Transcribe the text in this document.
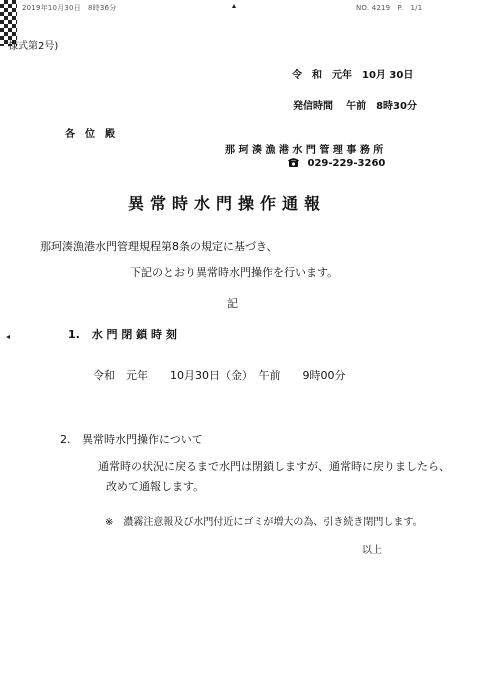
2019年10月30日　8時36分	NO. 4219　P.　1/1
様式第2号)
令　和　元年　10月 30日
発信時間 午前　8時30分
各　位　殿
那 珂 湊 漁 港 水 門 管 理 事 務 所
029-229-3260
異常時水門操作通報
那珂湊漁港水門管理規程第8条の規定に基づき、
下記のとおり異常時水門操作を行います。
記
1. 水 門 閉 鎖 時 刻
令和　元年　　10月30日（金）　午前　　9時00分
2. 異常時水門操作について
通常時の状況に戻るまで水門は閉鎖しますが、通常時に戻りましたら、
改めて通報します。
※　濃霧注意報及び水門付近にゴミが増大の為、引き続き閉門します。
以上
